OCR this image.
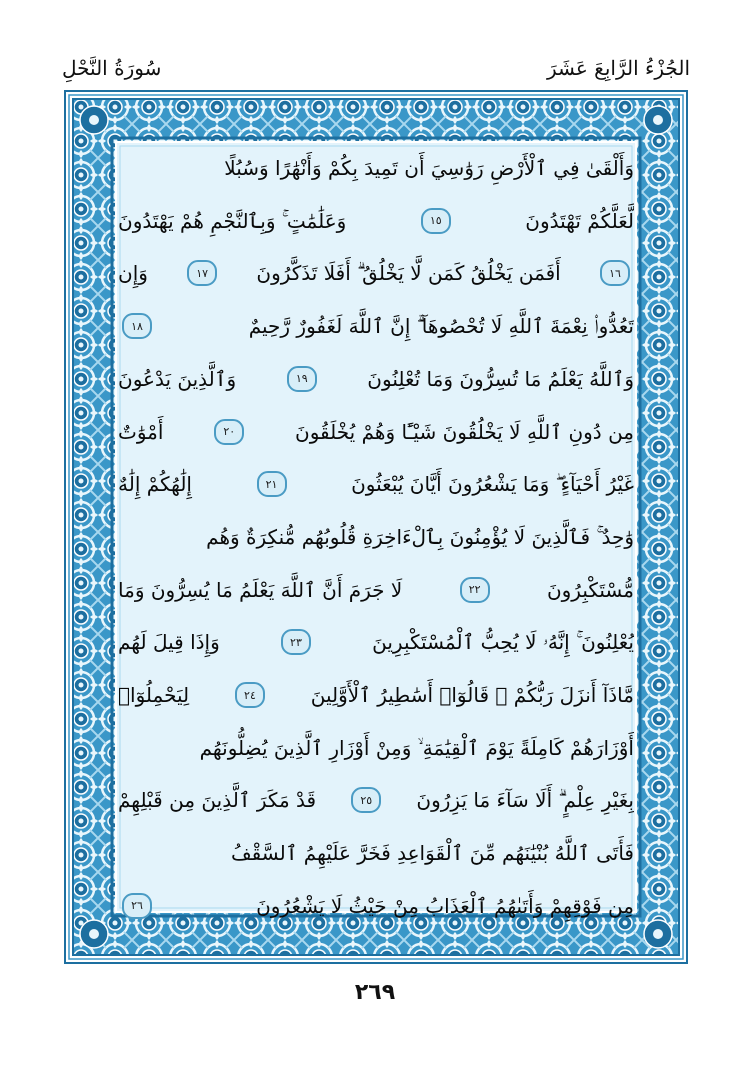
سُورَةُ النَّحْلِ	الجُزْءُ الرَّابِعَ عَشَرَ
وَأَلْقَىٰ فِي ٱلْأَرْضِ رَوَٰسِيَ أَن تَمِيدَ بِكُمْ وَأَنْهَٰرًا وَسُبُلًا
لَّعَلَّكُمْ تَهْتَدُونَ
١٥
وَعَلَٰمَٰتٍ ۚ وَبِٱلنَّجْمِ هُمْ يَهْتَدُونَ
١٦
أَفَمَن يَخْلُقُ كَمَن لَّا يَخْلُقُ ۗ أَفَلَا تَذَكَّرُونَ
١٧
وَإِن
تَعُدُّوا۟ نِعْمَةَ ٱللَّهِ لَا تُحْصُوهَآ ۗ إِنَّ ٱللَّهَ لَغَفُورٌ رَّحِيمٌ
١٨
وَٱللَّهُ يَعْلَمُ مَا تُسِرُّونَ وَمَا تُعْلِنُونَ
١٩
وَٱلَّذِينَ يَدْعُونَ
مِن دُونِ ٱللَّهِ لَا يَخْلُقُونَ شَيْـًٔا وَهُمْ يُخْلَقُونَ
٢٠
أَمْوَٰتٌ
غَيْرُ أَحْيَآءٍ ۖ وَمَا يَشْعُرُونَ أَيَّانَ يُبْعَثُونَ
٢١
إِلَٰهُكُمْ إِلَٰهٌ
وَٰحِدٌ ۚ فَٱلَّذِينَ لَا يُؤْمِنُونَ بِٱلْءَاخِرَةِ قُلُوبُهُم مُّنكِرَةٌ وَهُم
مُّسْتَكْبِرُونَ
٢٢
لَا جَرَمَ أَنَّ ٱللَّهَ يَعْلَمُ مَا يُسِرُّونَ وَمَا
يُعْلِنُونَ ۚ إِنَّهُۥ لَا يُحِبُّ ٱلْمُسْتَكْبِرِينَ
٢٣
وَإِذَا قِيلَ لَهُم
مَّاذَآ أَنزَلَ رَبُّكُمْ ۙ قَالُوٓا۟ أَسَٰطِيرُ ٱلْأَوَّلِينَ
٢٤
لِيَحْمِلُوٓا۟
أَوْزَارَهُمْ كَامِلَةً يَوْمَ ٱلْقِيَٰمَةِ ۙ وَمِنْ أَوْزَارِ ٱلَّذِينَ يُضِلُّونَهُم
بِغَيْرِ عِلْمٍ ۗ أَلَا سَآءَ مَا يَزِرُونَ
٢٥
قَدْ مَكَرَ ٱلَّذِينَ مِن قَبْلِهِمْ
فَأَتَى ٱللَّهُ بُنْيَٰنَهُم مِّنَ ٱلْقَوَاعِدِ فَخَرَّ عَلَيْهِمُ ٱلسَّقْفُ
مِن فَوْقِهِمْ وَأَتَىٰهُمُ ٱلْعَذَابُ مِنْ حَيْثُ لَا يَشْعُرُونَ
٢٦
٢٦٩
